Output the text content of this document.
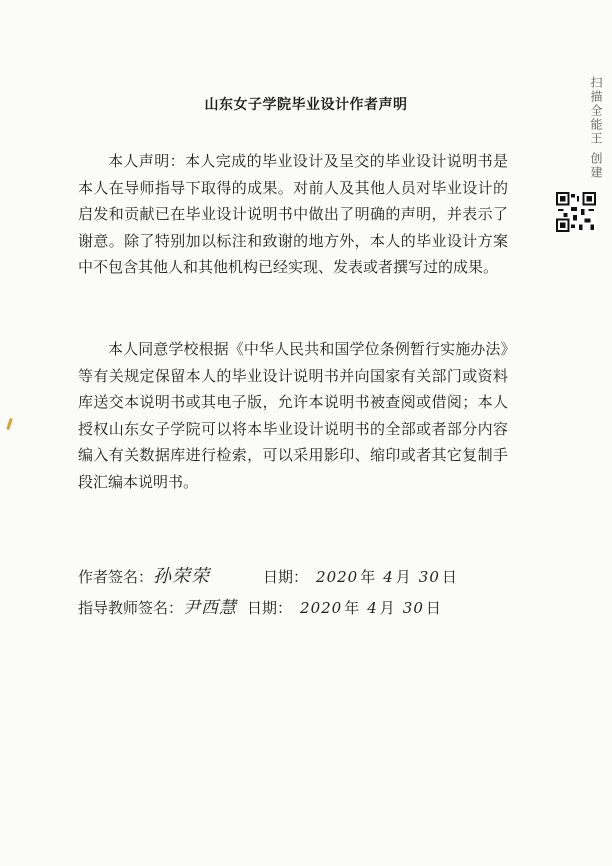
山东女子学院毕业设计作者声明

本人声明：本人完成的毕业设计及呈交的毕业设计说明书是本人在导师指导下取得的成果。对前人及其他人员对毕业设计的启发和贡献已在毕业设计说明书中做出了明确的声明，并表示了谢意。除了特别加以标注和致谢的地方外，本人的毕业设计方案中不包含其他人和其他机构已经实现、发表或者撰写过的成果。

本人同意学校根据《中华人民共和国学位条例暂行实施办法》等有关规定保留本人的毕业设计说明书并向国家有关部门或资料库送交本说明书或其电子版，允许本说明书被查阅或借阅；本人授权山东女子学院可以将本毕业设计说明书的全部或者部分内容编入有关数据库进行检索，可以采用影印、缩印或者其它复制手段汇编本说明书。

作者签名：孙荣荣	日期： 2020 年 4 月 30 日
指导教师签名：尹西慧 日期： 2020 年 4 月 30 日
扫描全能王 创建
